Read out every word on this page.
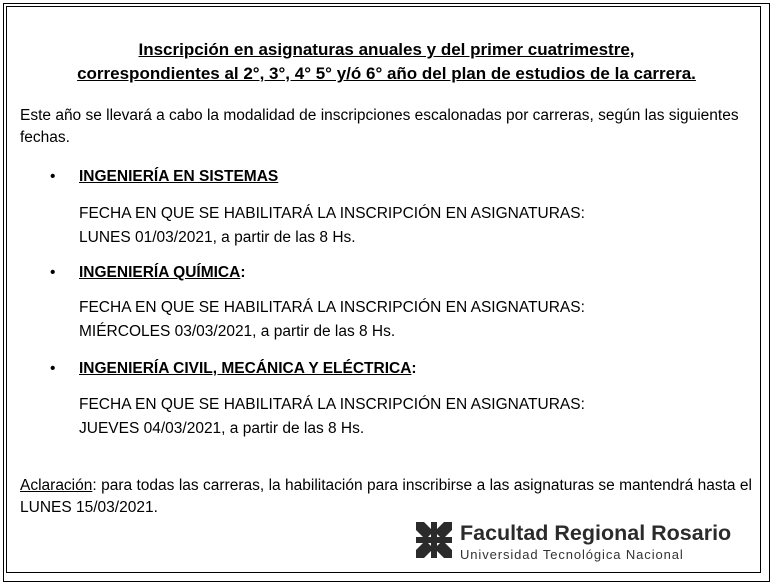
Inscripción en asignaturas anuales y del primer cuatrimestre,
correspondientes al 2°, 3°, 4° 5° y/ó 6° año del plan de estudios de la carrera.
Este año se llevará a cabo la modalidad de inscripciones escalonadas por carreras, según las siguientes fechas.
• INGENIERÍA EN SISTEMAS
FECHA EN QUE SE HABILITARÁ LA INSCRIPCIÓN EN ASIGNATURAS:
LUNES 01/03/2021, a partir de las 8 Hs.
• INGENIERÍA QUÍMICA:
FECHA EN QUE SE HABILITARÁ LA INSCRIPCIÓN EN ASIGNATURAS:
MIÉRCOLES 03/03/2021, a partir de las 8 Hs.
• INGENIERÍA CIVIL, MECÁNICA Y ELÉCTRICA:
FECHA EN QUE SE HABILITARÁ LA INSCRIPCIÓN EN ASIGNATURAS:
JUEVES 04/03/2021, a partir de las 8 Hs.
Aclaración: para todas las carreras, la habilitación para inscribirse a las asignaturas se mantendrá hasta el LUNES 15/03/2021.
Facultad Regional Rosario
Universidad Tecnológica Nacional
